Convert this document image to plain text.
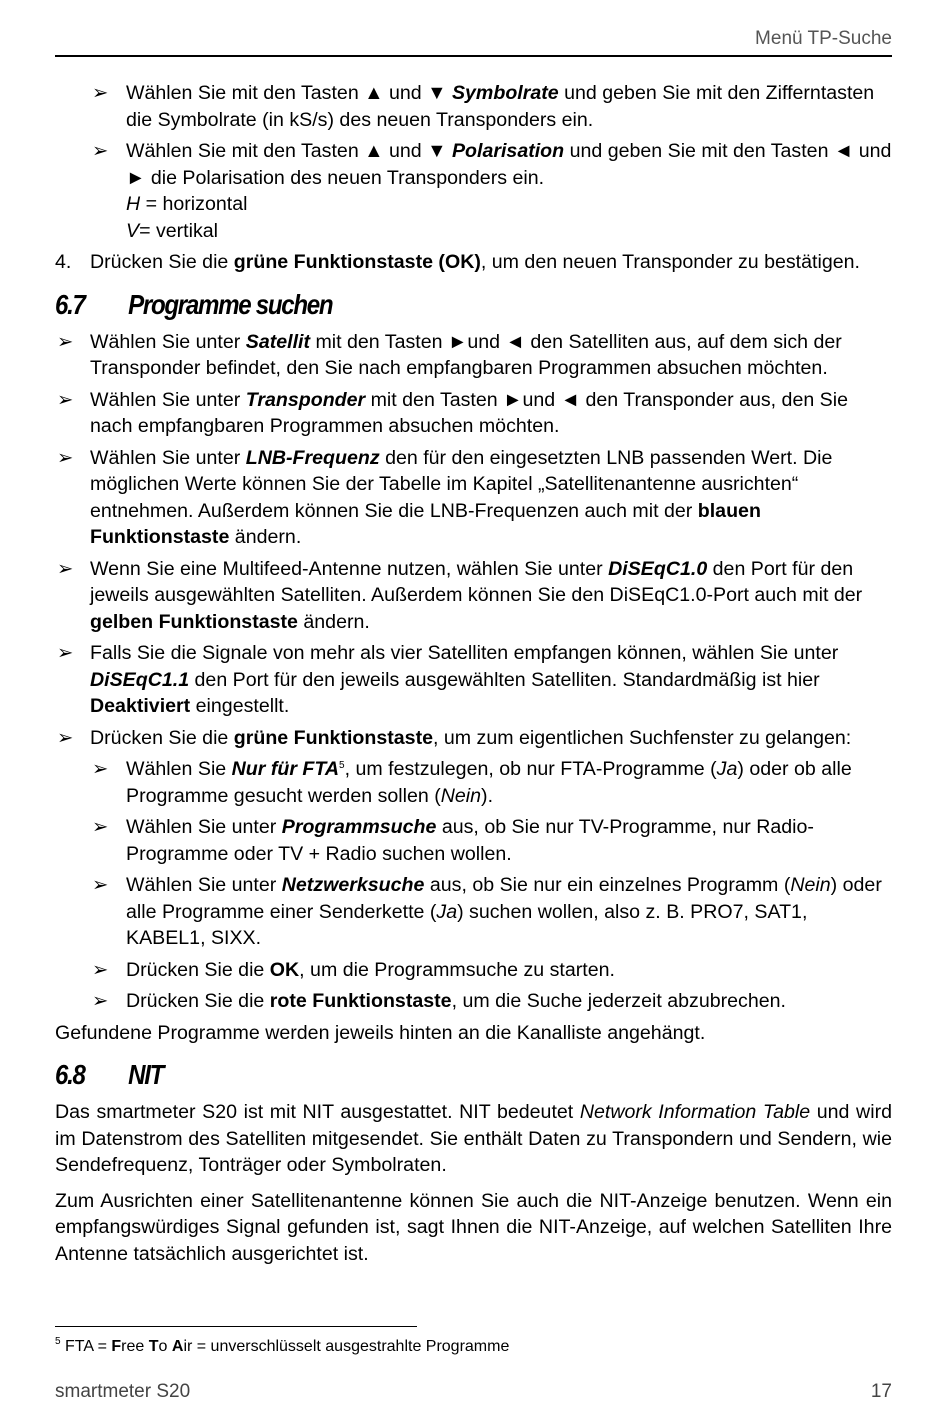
Menü TP-Suche
➢ Wählen Sie mit den Tasten ▲ und ▼ Symbolrate und geben Sie mit den Zifferntasten die Symbolrate (in kS/s) des neuen Transponders ein.
➢ Wählen Sie mit den Tasten ▲ und ▼ Polarisation und geben Sie mit den Tasten ◄ und ► die Polarisation des neuen Transponders ein.
H = horizontal
V= vertikal
4. Drücken Sie die grüne Funktionstaste (OK), um den neuen Transponder zu bestätigen.
6.7 Programme suchen
➢ Wählen Sie unter Satellit mit den Tasten ►und ◄ den Satelliten aus, auf dem sich der Transponder befindet, den Sie nach empfangbaren Programmen absuchen möchten.
➢ Wählen Sie unter Transponder mit den Tasten ►und ◄ den Transponder aus, den Sie nach empfangbaren Programmen absuchen möchten.
➢ Wählen Sie unter LNB-Frequenz den für den eingesetzten LNB passenden Wert. Die möglichen Werte können Sie der Tabelle im Kapitel „Satellitenantenne ausrichten“ entnehmen. Außerdem können Sie die LNB-Frequenzen auch mit der blauen Funktionstaste ändern.
➢ Wenn Sie eine Multifeed-Antenne nutzen, wählen Sie unter DiSEqC1.0 den Port für den jeweils ausgewählten Satelliten. Außerdem können Sie den DiSEqC1.0-Port auch mit der gelben Funktionstaste ändern.
➢ Falls Sie die Signale von mehr als vier Satelliten empfangen können, wählen Sie unter DiSEqC1.1 den Port für den jeweils ausgewählten Satelliten. Standardmäßig ist hier Deaktiviert eingestellt.
➢ Drücken Sie die grüne Funktionstaste, um zum eigentlichen Suchfenster zu gelangen:
➢ Wählen Sie Nur für FTA$^5$, um festzulegen, ob nur FTA-Programme (Ja) oder ob alle Programme gesucht werden sollen (Nein).
➢ Wählen Sie unter Programmsuche aus, ob Sie nur TV-Programme, nur Radio-Programme oder TV + Radio suchen wollen.
➢ Wählen Sie unter Netzwerksuche aus, ob Sie nur ein einzelnes Programm (Nein) oder alle Programme einer Senderkette (Ja) suchen wollen, also z. B. PRO7, SAT1, KABEL1, SIXX.
➢ Drücken Sie die OK, um die Programmsuche zu starten.
➢ Drücken Sie die rote Funktionstaste, um die Suche jederzeit abzubrechen.

Gefundene Programme werden jeweils hinten an die Kanalliste angehängt.

6.8 NIT

Das smartmeter S20 ist mit NIT ausgestattet. NIT bedeutet Network Information Table und wird im Datenstrom des Satelliten mitgesendet. Sie enthält Daten zu Transpondern und Sendern, wie Sendefrequenz, Tonträger oder Symbolraten.

Zum Ausrichten einer Satellitenantenne können Sie auch die NIT-Anzeige benutzen. Wenn ein empfangswürdiges Signal gefunden ist, sagt Ihnen die NIT-Anzeige, auf welchen Satelliten Ihre Antenne tatsächlich ausgerichtet ist.

$^5$ FTA = Free To Air = unverschlüsselt ausgestrahlte Programme
smartmeter S20	17
